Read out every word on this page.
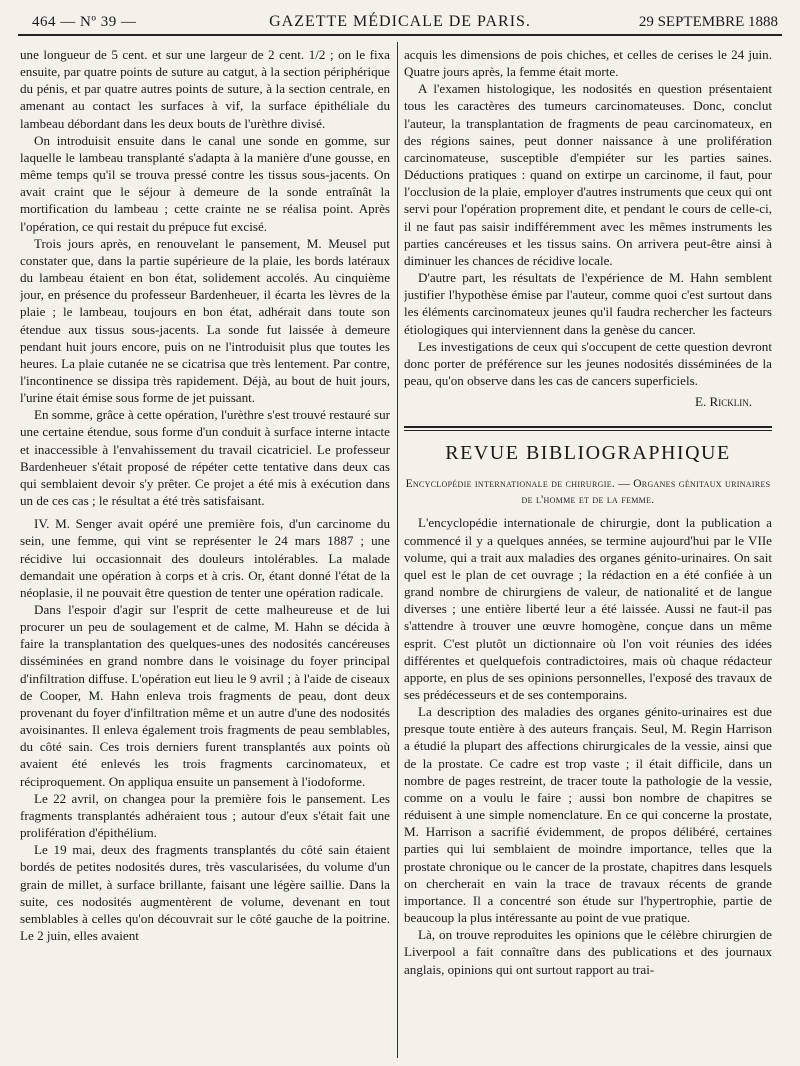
464 — Nº 39 —	GAZETTE MÉDICALE DE PARIS.	29 SEPTEMBRE 1888

une longueur de 5 cent. et sur une largeur de 2 cent. 1/2 ; on le fixa ensuite, par quatre points de suture au catgut, à la section périphérique du pénis, et par quatre autres points de suture, à la section centrale, en amenant au contact les surfaces à vif, la surface épithéliale du lambeau débordant dans les deux bouts de l'urèthre divisé.

On introduisit ensuite dans le canal une sonde en gomme, sur laquelle le lambeau transplanté s'adapta à la manière d'une gousse, en même temps qu'il se trouva pressé contre les tissus sous-jacents. On avait craint que le séjour à demeure de la sonde entraînât la mortification du lambeau ; cette crainte ne se réalisa point. Après l'opération, ce qui restait du prépuce fut excisé.

Trois jours après, en renouvelant le pansement, M. Meusel put constater que, dans la partie supérieure de la plaie, les bords latéraux du lambeau étaient en bon état, solidement accolés. Au cinquième jour, en présence du professeur Bardenheuer, il écarta les lèvres de la plaie ; le lambeau, toujours en bon état, adhérait dans toute son étendue aux tissus sous-jacents. La sonde fut laissée à demeure pendant huit jours encore, puis on ne l'introduisit plus que toutes les heures. La plaie cutanée ne se cicatrisa que très lentement. Par contre, l'incontinence se dissipa très rapidement. Déjà, au bout de huit jours, l'urine était émise sous forme de jet puissant.

En somme, grâce à cette opération, l'urèthre s'est trouvé restauré sur une certaine étendue, sous forme d'un conduit à surface interne intacte et inaccessible à l'envahissement du travail cicatriciel. Le professeur Bardenheuer s'était proposé de répéter cette tentative dans deux cas qui semblaient devoir s'y prêter. Ce projet a été mis à exécution dans un de ces cas ; le résultat a été très satisfaisant.

IV. M. Senger avait opéré une première fois, d'un carcinome du sein, une femme, qui vint se représenter le 24 mars 1887 ; une récidive lui occasionnait des douleurs intolérables. La malade demandait une opération à corps et à cris. Or, étant donné l'état de la néoplasie, il ne pouvait être question de tenter une opération radicale.

Dans l'espoir d'agir sur l'esprit de cette malheureuse et de lui procurer un peu de soulagement et de calme, M. Hahn se décida à faire la transplantation des quelques-unes des nodosités cancéreuses disséminées en grand nombre dans le voisinage du foyer principal d'infiltration diffuse. L'opération eut lieu le 9 avril ; à l'aide de ciseaux de Cooper, M. Hahn enleva trois fragments de peau, dont deux provenant du foyer d'infiltration même et un autre d'une des nodosités avoisinantes. Il enleva également trois fragments de peau semblables, du côté sain. Ces trois derniers furent transplantés aux points où avaient été enlevés les trois fragments carcinomateux, et réciproquement. On appliqua ensuite un pansement à l'iodoforme.

Le 22 avril, on changea pour la première fois le pansement. Les fragments transplantés adhéraient tous ; autour d'eux s'était fait une prolifération d'épithélium.

Le 19 mai, deux des fragments transplantés du côté sain étaient bordés de petites nodosités dures, très vascularisées, du volume d'un grain de millet, à surface brillante, faisant une légère saillie. Dans la suite, ces nodosités augmentèrent de volume, devenant en tout semblables à celles qu'on découvrait sur le côté gauche de la poitrine. Le 2 juin, elles avaient

acquis les dimensions de pois chiches, et celles de cerises le 24 juin. Quatre jours après, la femme était morte.

A l'examen histologique, les nodosités en question présentaient tous les caractères des tumeurs carcinomateuses. Donc, conclut l'auteur, la transplantation de fragments de peau carcinomateux, en des régions saines, peut donner naissance à une prolifération carcinomateuse, susceptible d'empiéter sur les parties saines. Déductions pratiques : quand on extirpe un carcinome, il faut, pour l'occlusion de la plaie, employer d'autres instruments que ceux qui ont servi pour l'opération proprement dite, et pendant le cours de celle-ci, il ne faut pas saisir indifféremment avec les mêmes instruments les parties cancéreuses et les tissus sains. On arrivera peut-être ainsi à diminuer les chances de récidive locale.

D'autre part, les résultats de l'expérience de M. Hahn semblent justifier l'hypothèse émise par l'auteur, comme quoi c'est surtout dans les éléments carcinomateux jeunes qu'il faudra rechercher les facteurs étiologiques qui interviennent dans la genèse du cancer.

Les investigations de ceux qui s'occupent de cette question devront donc porter de préférence sur les jeunes nodosités disséminées de la peau, qu'on observe dans les cas de cancers superficiels.

E. Ricklin.
REVUE BIBLIOGRAPHIQUE
Encyclopédie internationale de chirurgie. — Organes génitaux urinaires de l'homme et de la femme.

L'encyclopédie internationale de chirurgie, dont la publication a commencé il y a quelques années, se termine aujourd'hui par le VIIe volume, qui a trait aux maladies des organes génito-urinaires. On sait quel est le plan de cet ouvrage ; la rédaction en a été confiée à un grand nombre de chirurgiens de valeur, de nationalité et de langue diverses ; une entière liberté leur a été laissée. Aussi ne faut-il pas s'attendre à trouver une œuvre homogène, conçue dans un même esprit. C'est plutôt un dictionnaire où l'on voit réunies des idées différentes et quelquefois contradictoires, mais où chaque rédacteur apporte, en plus de ses opinions personnelles, l'exposé des travaux de ses prédécesseurs et de ses contemporains.

La description des maladies des organes génito-urinaires est due presque toute entière à des auteurs français. Seul, M. Regin Harrison a étudié la plupart des affections chirurgicales de la vessie, ainsi que de la prostate. Ce cadre est trop vaste ; il était difficile, dans un nombre de pages restreint, de tracer toute la pathologie de la vessie, comme on a voulu le faire ; aussi bon nombre de chapitres se réduisent à une simple nomenclature. En ce qui concerne la prostate, M. Harrison a sacrifié évidemment, de propos délibéré, certaines parties qui lui semblaient de moindre importance, telles que la prostate chronique ou le cancer de la prostate, chapitres dans lesquels on chercherait en vain la trace de travaux récents de grande importance. Il a concentré son étude sur l'hypertrophie, partie de beaucoup la plus intéressante au point de vue pratique.

Là, on trouve reproduites les opinions que le célèbre chirurgien de Liverpool a fait connaître dans des publications et des journaux anglais, opinions qui ont surtout rapport au trai-
